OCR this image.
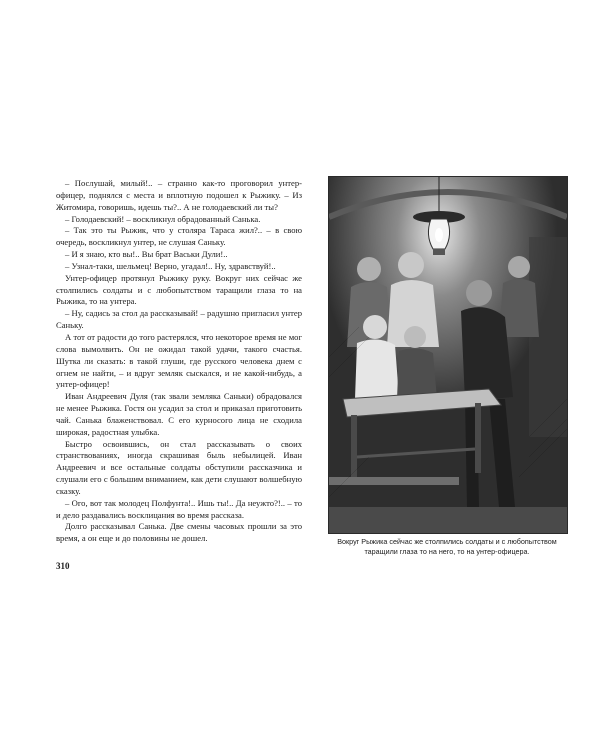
– Послушай, милый!.. – странно как-то проговорил унтер-офицер, поднялся с места и вплотную подошел к Рыжику. – Из Житомира, говоришь, идешь ты?.. А не голодаевский ли ты?

– Голодаевский! – воскликнул обрадованный Санька.

– Так это ты Рыжик, что у столяра Тараса жил?.. – в свою очередь, воскликнул унтер, не слушая Саньку.

– И я знаю, кто вы!.. Вы брат Васьки Дули!..

– Узнал-таки, шельмец! Верно, угадал!.. Ну, здравствуй!..

Унтер-офицер протянул Рыжику руку. Вокруг них сейчас же столпились солдаты и с любопытством таращили глаза то на Рыжика, то на унтера.

– Ну, садись за стол да рассказывай! – радушно пригласил унтер Саньку.

А тот от радости до того растерялся, что некоторое время не мог слова вымолвить. Он не ожидал такой удачи, такого счастья. Шутка ли сказать: в такой глуши, где русского человека днем с огнем не найти, – и вдруг земляк сыскался, и не какой-нибудь, а унтер-офицер!

Иван Андреевич Дуля (так звали земляка Саньки) обрадовался не менее Рыжика. Гостя он усадил за стол и приказал приготовить чай. Санька блаженствовал. С его курносого лица не сходила широкая, радостная улыбка.

Быстро освоившись, он стал рассказывать о своих странствованиях, иногда скрашивая быль небылицей. Иван Андреевич и все остальные солдаты обступили рассказчика и слушали его с большим вниманием, как дети слушают волшебную сказку.

– Ого, вот так молодец Полфунта!.. Ишь ты!.. Да неужто?!.. – то и дело раздавались восклицания во время рассказа.

Долго рассказывал Санька. Две смены часовых прошли за это время, а он еще и до половины не дошел.

310
Вокруг Рыжика сейчас же столпились солдаты и с любопытством таращили глаза то на него, то на унтер-офицера.
